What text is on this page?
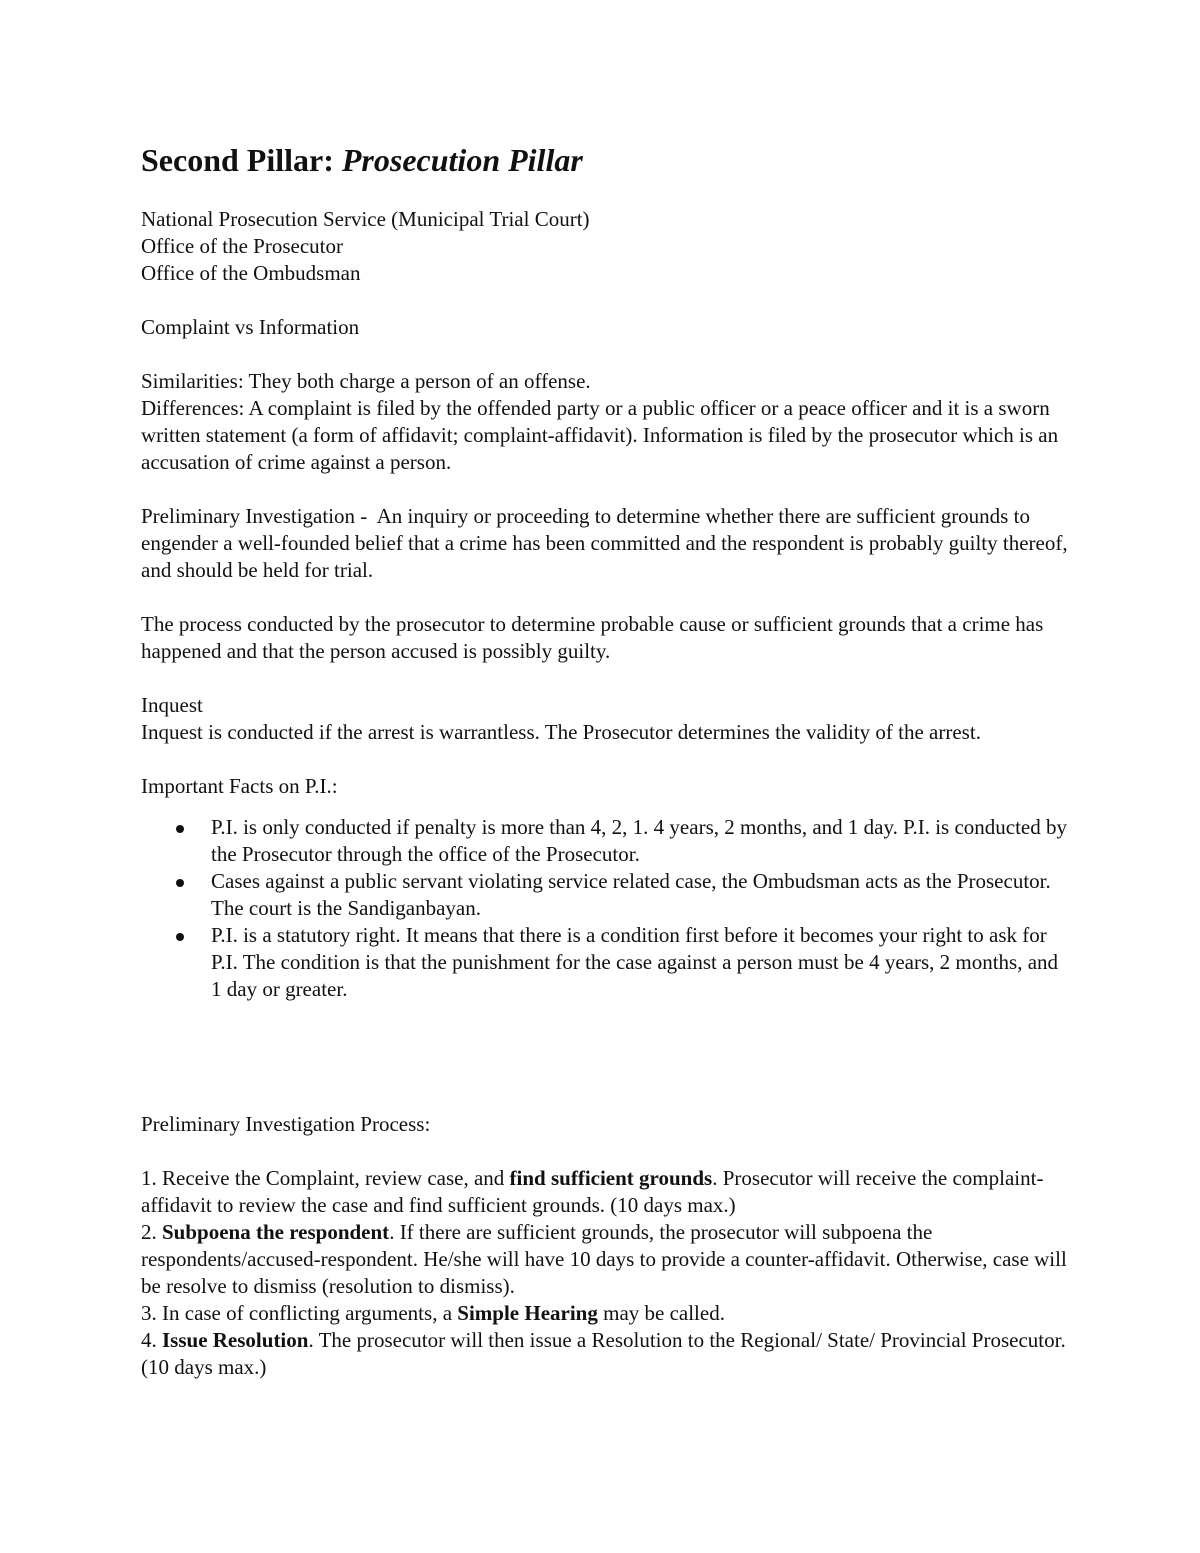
Second Pillar: Prosecution Pillar

National Prosecution Service (Municipal Trial Court)
Office of the Prosecutor
Office of the Ombudsman

Complaint vs Information

Similarities: They both charge a person of an offense.
Differences: A complaint is filed by the offended party or a public officer or a peace officer and it is a sworn written statement (a form of affidavit; complaint-affidavit). Information is filed by the prosecutor which is an accusation of crime against a person.

Preliminary Investigation -  An inquiry or proceeding to determine whether there are sufficient grounds to engender a well-founded belief that a crime has been committed and the respondent is probably guilty thereof, and should be held for trial.

The process conducted by the prosecutor to determine probable cause or sufficient grounds that a crime has happened and that the person accused is possibly guilty.

Inquest
Inquest is conducted if the arrest is warrantless. The Prosecutor determines the validity of the arrest.

Important Facts on P.I.:

P.I. is only conducted if penalty is more than 4, 2, 1. 4 years, 2 months, and 1 day. P.I. is conducted by the Prosecutor through the office of the Prosecutor.
Cases against a public servant violating service related case, the Ombudsman acts as the Prosecutor. The court is the Sandiganbayan.
P.I. is a statutory right. It means that there is a condition first before it becomes your right to ask for P.I. The condition is that the punishment for the case against a person must be 4 years, 2 months, and 1 day or greater.

Preliminary Investigation Process:

1. Receive the Complaint, review case, and find sufficient grounds. Prosecutor will receive the complaint-affidavit to review the case and find sufficient grounds. (10 days max.)

2. Subpoena the respondent. If there are sufficient grounds, the prosecutor will subpoena the respondents/accused-respondent. He/she will have 10 days to provide a counter-affidavit. Otherwise, case will be resolve to dismiss (resolution to dismiss).

3. In case of conflicting arguments, a Simple Hearing may be called.

4. Issue Resolution. The prosecutor will then issue a Resolution to the Regional/ State/ Provincial Prosecutor. (10 days max.)
